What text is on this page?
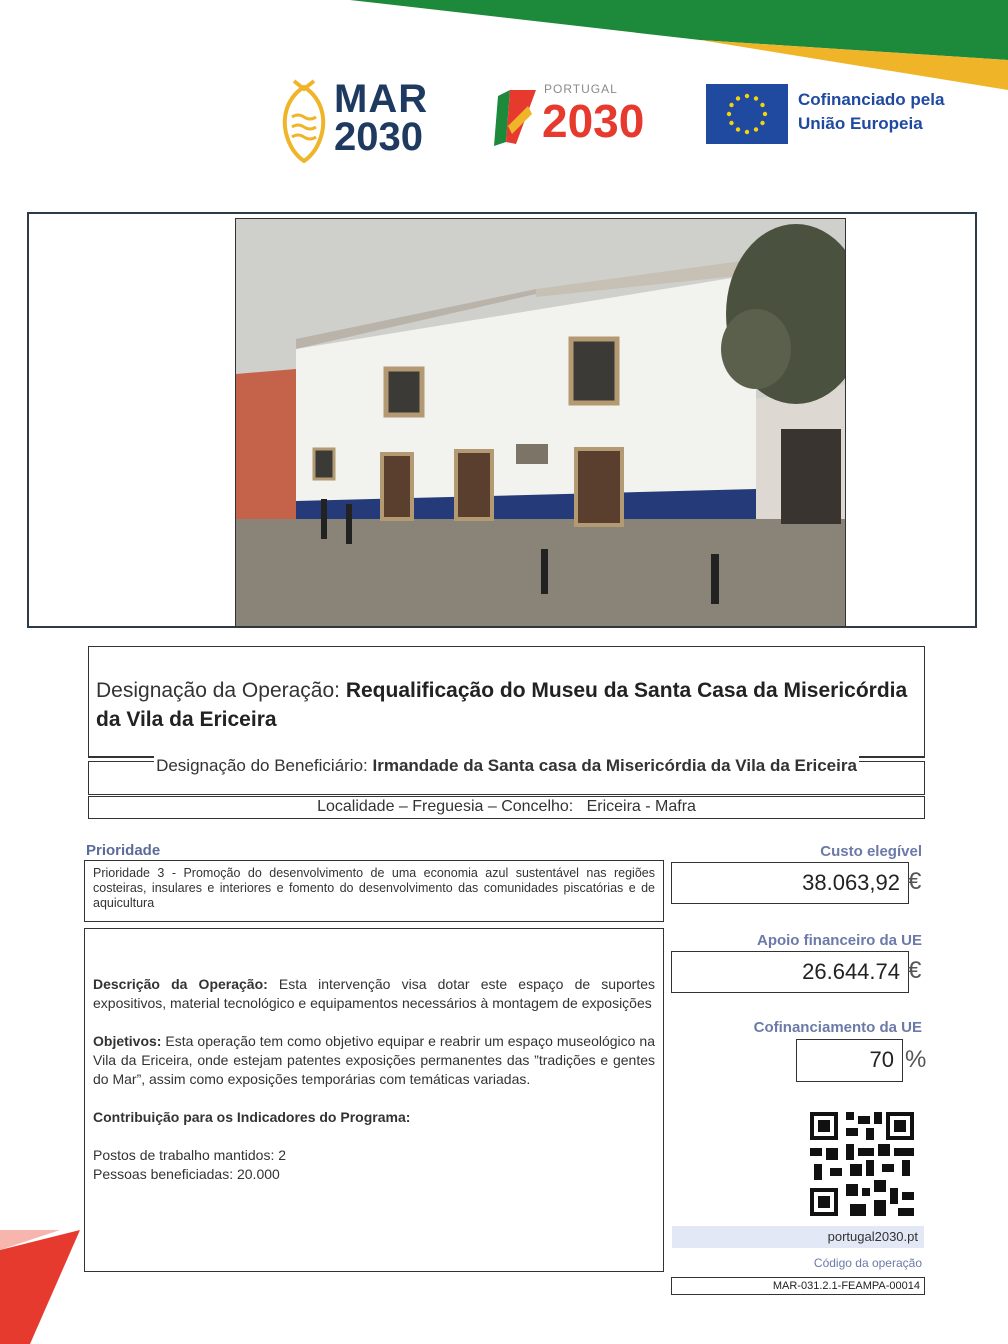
MAR
2030
PORTUGAL
2030	Cofinanciado pela
União Europeia
Designação da Operação: Requalificação do Museu da Santa Casa da Misericórdia da Vila da Ericeira
Designação do Beneficiário: Irmandade da Santa casa da Misericórdia da Vila da Ericeira
Localidade – Freguesia – Concelho: Ericeira - Mafra
Prioridade
Prioridade 3 - Promoção do desenvolvimento de uma economia azul sustentável nas regiões costeiras, insulares e interiores e fomento do desenvolvimento das comunidades piscatórias e de aquicultura

Descrição da Operação: Esta intervenção visa dotar este espaço de suportes expositivos, material tecnológico e equipamentos necessários à montagem de exposições

Objetivos: Esta operação tem como objetivo equipar e reabrir um espaço museológico na Vila da Ericeira, onde estejam patentes exposições permanentes das ”tradições e gentes do Mar”, assim como exposições temporárias com temáticas variadas.

Contribuição para os Indicadores do Programa:

Postos de trabalho mantidos: 2
Pessoas beneficiadas: 20.000
Custo elegível
38.063,92 €
Apoio financeiro da UE
26.644.74 €
Cofinanciamento da UE
70 %
portugal2030.pt
Código da operação
MAR-031.2.1-FEAMPA-00014
